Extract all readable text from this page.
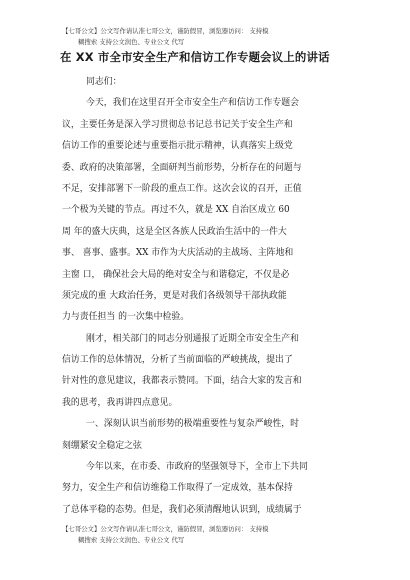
【七哥公文】公文写作请认准七哥公文，谨防假冒，浏览器访问： 支持模
糊搜索 支持公文润色、专业公文 代写
在 XX 市全市安全生产和信访工作专题会议上的讲话
同志们：
今天，我们在这里召开全市安全生产和信访工作专题会
议，主要任务是深入学习贯彻总书记总书记关于安全生产和
信访工作的重要论述与重要指示批示精神，认真落实上级党
委、政府的决策部署，全面研判当前形势，分析存在的问题与
不足，安排部署下一阶段的重点工作。这次会议的召开，正值
一个极为关键的节点。再过不久，就是 XX 自治区成立 60
周 年的盛大庆典，这是全区各族人民政治生活中的一件大
事、 喜事、盛事。XX 市作为大庆活动的主战场、主阵地和
主窗 口， 确保社会大局的绝对安全与和谐稳定，不仅是必
须完成的重 大政治任务，更是对我们各级领导干部执政能
力与责任担当 的一次集中检验。
刚才，相关部门的同志分别通报了近期全市安全生产和
信访工作的总体情况，分析了当前面临的严峻挑战，提出了
针对性的意见建议，我都表示赞同。下面，结合大家的发言和
我的思考，我再讲四点意见。
一、深刻认识当前形势的极端重要性与复杂严峻性，时
刻绷紧安全稳定之弦
今年以来，在市委、市政府的坚强领导下，全市上下共同
努力，安全生产和信访维稳工作取得了一定成效，基本保持
了总体平稳的态势。但是，我们必须清醒地认识到，成绩属于
【七哥公文】公文写作请认准七哥公文，谨防假冒，浏览器访问： 支持模
糊搜索 支持公文润色、专业公文 代写
